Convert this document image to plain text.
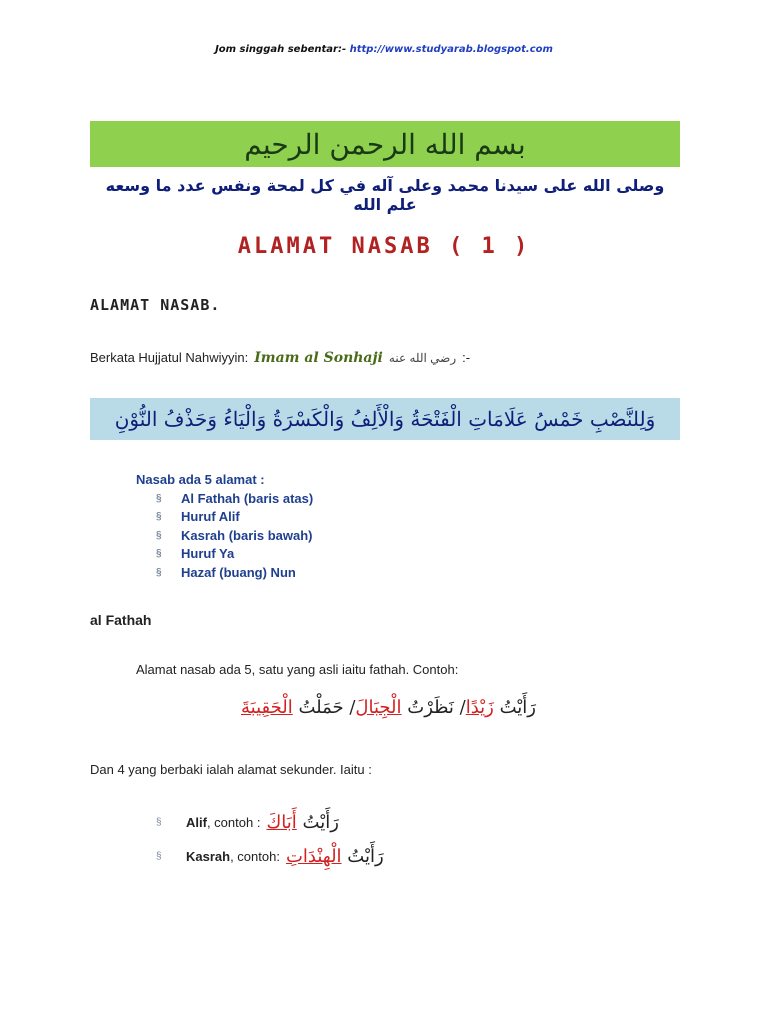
Jom singgah sebentar:- http://www.studyarab.blogspot.com
بسم الله الرحمن الرحيم
وصلى الله على سيدنا محمد وعلى آله في كل لمحة ونفس عدد ما وسعه علم الله
ALAMAT NASAB ( 1 )
ALAMAT NASAB.
Berkata Hujjatul Nahwiyyin: Imam al Sonhaji رضي الله عنه :-
وَلِلنَّصْبِ خَمْسُ عَلَامَاتِ الْفَتْحَةُ وَالْأَلِفُ وَالْكَسْرَةُ وَالْيَاءُ وَحَذْفُ النُّوْنِ
Nasab ada 5 alamat :
§	Al Fathah (baris atas)
§	Huruf Alif
§	Kasrah (baris bawah)
§	Huruf Ya
§	Hazaf (buang) Nun
al Fathah
Alamat nasab ada 5, satu yang asli iaitu fathah. Contoh:
رَأَيْتُ زَيْدًا/ نَظَرْتُ الْجِبَالَ/ حَمَلْتُ الْحَقِيبَةَ
Dan 4 yang berbaki ialah alamat sekunder. Iaitu :
§	Alif, contoh :	رَأَيْتُ أَبَاكَ
§	Kasrah, contoh:	رَأَيْتُ الْهِنْدَاتِ
